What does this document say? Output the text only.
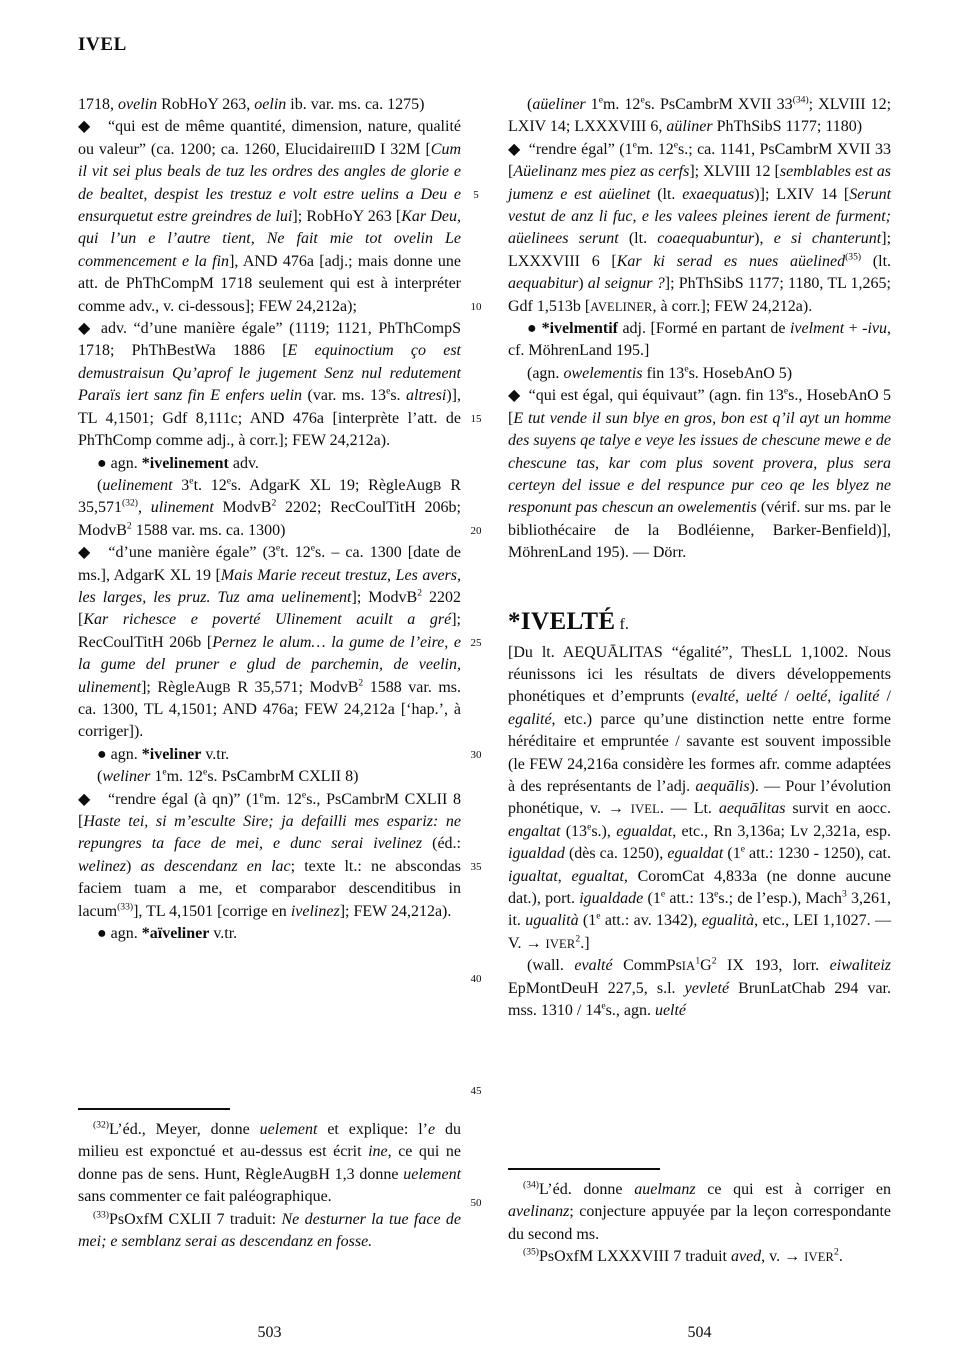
IVEL

1718, ovelin RobHoY 263, oelin ib. var. ms. ca. 1275)

◆  “qui est de même quantité, dimension, nature, qualité ou valeur” (ca. 1200; ca. 1260, ElucidaireIIID I 32M [Cum il vit sei plus beals de tuz les ordres des angles de glorie e de bealtet, despist les trestuz e volt estre uelins a Deu e ensurquetut estre greindres de lui]; RobHoY 263 [Kar Deu, qui l’un e l’autre tient, Ne fait mie tot ovelin Le commencement e la fin], AND 476a [adj.; mais donne une att. de PhThCompM 1718 seulement qui est à interpréter comme adv., v. ci-dessous]; FEW 24,212a);

◆ adv. “d’une manière égale” (1119; 1121, PhThCompS 1718; PhThBestWa 1886 [E equinoctium ço est demustraisun Qu’aprof le jugement Senz nul redutement Paraïs iert sanz fin E enfers uelin (var. ms. 13es. altresi)], TL 4,1501; Gdf 8,111c; AND 476a [interprète l’att. de PhThComp comme adj., à corr.]; FEW 24,212a).

● agn. *ivelinement adv.

(uelinement 3et. 12es. AdgarK XL 19; RègleAugB R 35,571$^{(32)}$, ulinement ModvB$^2$ 2202; RecCoulTitH 206b; ModvB$^2$ 1588 var. ms. ca. 1300)

◆  “d’une manière égale” (3et. 12es. – ca. 1300 [date de ms.], AdgarK XL 19 [Mais Marie receut trestuz, Les avers, les larges, les pruz. Tuz ama uelinement]; ModvB$^2$ 2202 [Kar richesce e poverté Ulinement acuilt a gré]; RecCoulTitH 206b [Pernez le alum… la gume de l’eire, e la gume del pruner e glud de parchemin, de veelin, ulinement]; RègleAugB R 35,571; ModvB$^2$ 1588 var. ms. ca. 1300, TL 4,1501; AND 476a; FEW 24,212a [‘hap.’, à corriger]).

● agn. *iveliner v.tr.

(weliner 1em. 12es. PsCambrM CXLII 8)

◆  “rendre égal (à qn)” (1em. 12es., PsCambrM CXLII 8 [Haste tei, si m’esculte Sire; ja defailli mes espariz: ne repungres ta face de mei, e dunc serai ivelinez (éd.: welinez) as descendanz en lac; texte lt.: ne abscondas faciem tuam a me, et comparabor descenditibus in lacum$^{(33)}$], TL 4,1501 [corrige en ivelinez]; FEW 24,212a).

● agn. *aïveliner v.tr.

(aüeliner 1em. 12es. PsCambrM XVII 33$^{(34)}$; XLVIII 12; LXIV 14; LXXXVIII 6, aüliner PhThSibS 1177; 1180)

◆ “rendre égal” (1em. 12es.; ca. 1141, PsCambrM XVII 33 [Aüelinanz mes piez as cerfs]; XLVIII 12 [semblables est as jumenz e est aüelinet (lt. exaequatus)]; LXIV 14 [Serunt vestut de anz li fuc, e les valees pleines ierent de furment; aüelinees serunt (lt. coaequabuntur), e si chanterunt]; LXXXVIII 6 [Kar ki serad es nues aüelined$^{(35)}$ (lt. aequabitur) al seignur ?]; PhThSibS 1177; 1180, TL 1,265; Gdf 1,513b [AVELINER, à corr.]; FEW 24,212a).

● *ivelmentif adj. [Formé en partant de ivelment + -ivu, cf. MöhrenLand 195.]

(agn. owelementis fin 13es. HosebAnO 5)

◆ “qui est égal, qui équivaut” (agn. fin 13es., HosebAnO 5 [E tut vende il sun blye en gros, bon est q’il ayt un homme des suyens qe talye e veye les issues de chescune mewe e de chescune tas, kar com plus sovent provera, plus sera certeyn del issue e del respunce pur ceo qe les blyez ne responunt pas chescun an owelementis (vérif. sur ms. par le bibliothécaire de la Bodléienne, Barker-Benfield)], MöhrenLand 195). — Dörr.

*IVELTÉ f.

[Du lt. AEQUĀLITAS “égalité”, ThesLL 1,1002. Nous réunissons ici les résultats de divers développements phonétiques et d’emprunts (evalté, uelté / oelté, igalité / egalité, etc.) parce qu’une distinction nette entre forme héréditaire et empruntée / savante est souvent impossible (le FEW 24,216a considère les formes afr. comme adaptées à des représentants de l’adj. aequālis). — Pour l’évolution phonétique, v. → IVEL. — Lt. aequālitas survit en aocc. engaltat (13es.), egualdat, etc., Rn 3,136a; Lv 2,321a, esp. igualdad (dès ca. 1250), egualdat (1e att.: 1230 - 1250), cat. igualtat, egualtat, CoromCat 4,833a (ne donne aucune dat.), port. igualdade (1e att.: 13es.; de l’esp.), Mach$^3$ 3,261, it. ugualità (1e att.: av. 1342), egualità, etc., LEI 1,1027. — V. → $IVER^2$.]

(wall. evalté $CommPsIA^1G^2$ IX 193, lorr. eiwaliteiz EpMontDeuH 227,5, s.l. yevleté BrunLatChab 294 var. mss. 1310 / 14es., agn. uelté

5
10
15
20
25
30
35
40
45
50

$^{(32)}$L’éd., Meyer, donne uelement et explique: l’e du milieu est exponctué et au-dessus est écrit ine, ce qui ne donne pas de sens. Hunt, RègleAugBH 1,3 donne uelement sans commenter ce fait paléographique.

$^{(33)}$PsOxfM CXLII 7 traduit: Ne desturner la tue face de mei; e semblanz serai as descendanz en fosse.

$^{(34)}$L’éd. donne auelmanz ce qui est à corriger en avelinanz; conjecture appuyée par la leçon correspondante du second ms.

$^{(35)}$PsOxfM LXXXVIII 7 traduit aved, v. → $IVER^2$.

503	504
